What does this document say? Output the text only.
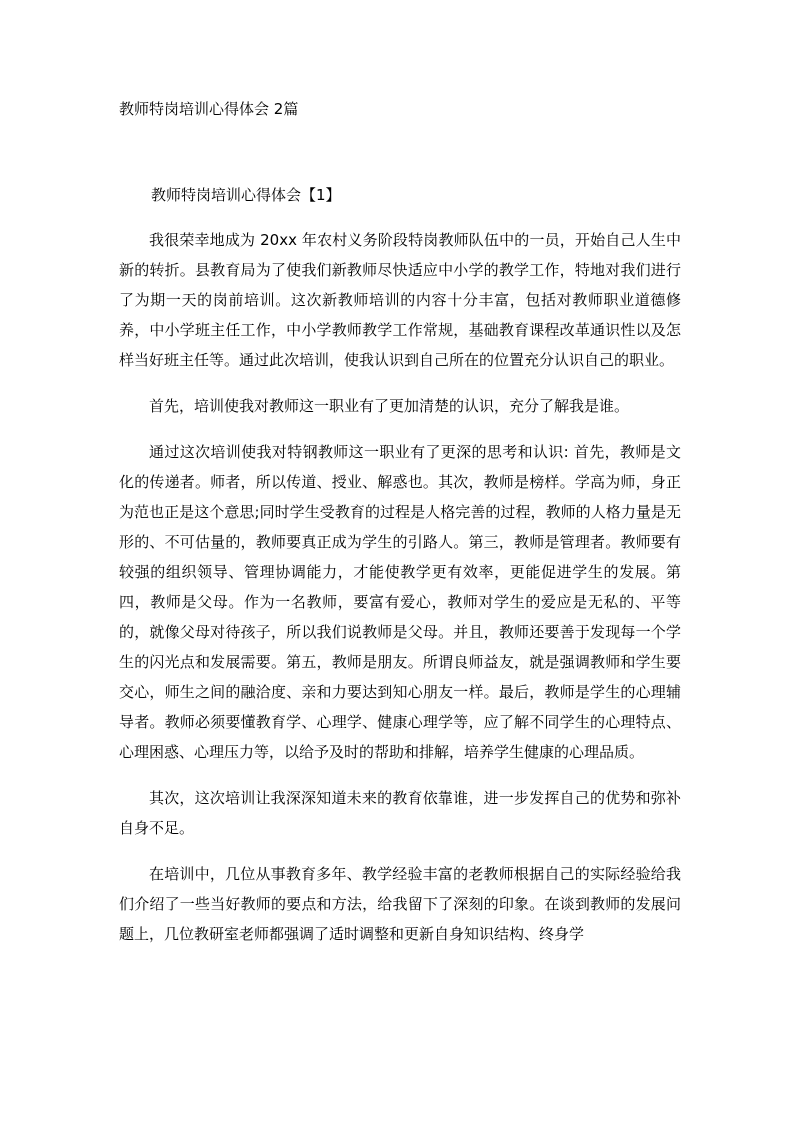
教师特岗培训心得体会 2篇
教师特岗培训心得体会【1】

我很荣幸地成为 20xx 年农村义务阶段特岗教师队伍中的一员，开始自己人生中新的转折。县教育局为了使我们新教师尽快适应中小学的教学工作，特地对我们进行了为期一天的岗前培训。这次新教师培训的内容十分丰富，包括对教师职业道德修养，中小学班主任工作，中小学教师教学工作常规，基础教育课程改革通识性以及怎样当好班主任等。通过此次培训，使我认识到自己所在的位置充分认识自己的职业。

首先，培训使我对教师这一职业有了更加清楚的认识，充分了解我是谁。

通过这次培训使我对特钢教师这一职业有了更深的思考和认识: 首先，教师是文化的传递者。师者，所以传道、授业、解惑也。其次，教师是榜样。学高为师，身正为范也正是这个意思;同时学生受教育的过程是人格完善的过程，教师的人格力量是无形的、不可估量的，教师要真正成为学生的引路人。第三，教师是管理者。教师要有较强的组织领导、管理协调能力，才能使教学更有效率，更能促进学生的发展。第四，教师是父母。作为一名教师，要富有爱心，教师对学生的爱应是无私的、平等的，就像父母对待孩子，所以我们说教师是父母。并且，教师还要善于发现每一个学生的闪光点和发展需要。第五，教师是朋友。所谓良师益友，就是强调教师和学生要交心，师生之间的融洽度、亲和力要达到知心朋友一样。最后，教师是学生的心理辅导者。教师必须要懂教育学、心理学、健康心理学等，应了解不同学生的心理特点、心理困惑、心理压力等，以给予及时的帮助和排解，培养学生健康的心理品质。

其次，这次培训让我深深知道未来的教育依靠谁，进一步发挥自己的优势和弥补自身不足。

在培训中，几位从事教育多年、教学经验丰富的老教师根据自己的实际经验给我们介绍了一些当好教师的要点和方法，给我留下了深刻的印象。在谈到教师的发展问题上，几位教研室老师都强调了适时调整和更新自身知识结构、终身学
